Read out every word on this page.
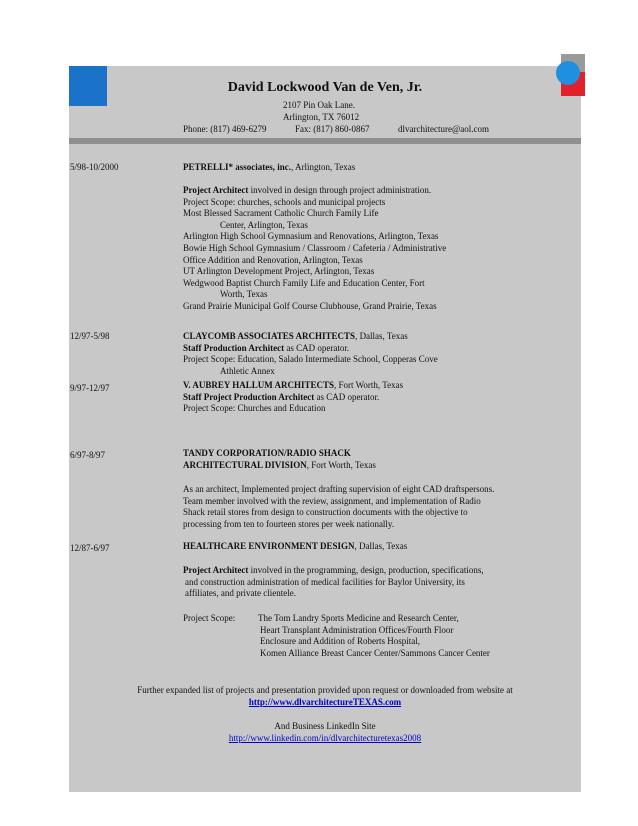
David Lockwood Van de Ven, Jr.
2107 Pin Oak Lane.
Arlington, TX 76012
Phone: (817) 469-6279	Fax: (817) 860-0867	dlvarchitecture@aol.com
5/98-10/2000	PETRELLI* associates, inc., Arlington, Texas
Project Architect involved in design through project administration.
Project Scope: churches, schools and municipal projects
Most Blessed Sacrament Catholic Church Family Life
Center, Arlington, Texas
Arlington High School Gymnasium and Renovations, Arlington, Texas
Bowie High School Gymnasium / Classroom / Cafeteria / Administrative
Office Addition and Renovation, Arlington, Texas
UT Arlington Development Project, Arlington, Texas
Wedgwood Baptist Church Family Life and Education Center, Fort
Worth, Texas
Grand Prairie Municipal Golf Course Clubhouse, Grand Prairie, Texas
12/97-5/98	CLAYCOMB ASSOCIATES ARCHITECTS, Dallas, Texas
Staff Production Architect as CAD operator.
Project Scope: Education, Salado Intermediate School, Copperas Cove
Athletic Annex
9/97-12/97	V. AUBREY HALLUM ARCHITECTS, Fort Worth, Texas
Staff Project Production Architect as CAD operator.
Project Scope: Churches and Education
6/97-8/97	TANDY CORPORATION/RADIO SHACK
ARCHITECTURAL DIVISION, Fort Worth, Texas
As an architect, Implemented project drafting supervision of eight CAD draftspersons.
Team member involved with the review, assignment, and implementation of Radio
Shack retail stores from design to construction documents with the objective to
processing from ten to fourteen stores per week nationally.
12/87-6/97	HEALTHCARE ENVIRONMENT DESIGN, Dallas, Texas
Project Architect involved in the programming, design, production, specifications,
and construction administration of medical facilities for Baylor University, its
affiliates, and private clientele.
Project Scope:	The Tom Landry Sports Medicine and Research Center,
Heart Transplant Administration Offices/Fourth Floor
Enclosure and Addition of Roberts Hospital,
Komen Alliance Breast Cancer Center/Sammons Cancer Center
Further expanded list of projects and presentation provided upon request or downloaded from website at
http://www.dlvarchitectureTEXAS.com
And Business LinkedIn Site
http://www.linkedin.com/in/dlvarchitecturetexas2008
